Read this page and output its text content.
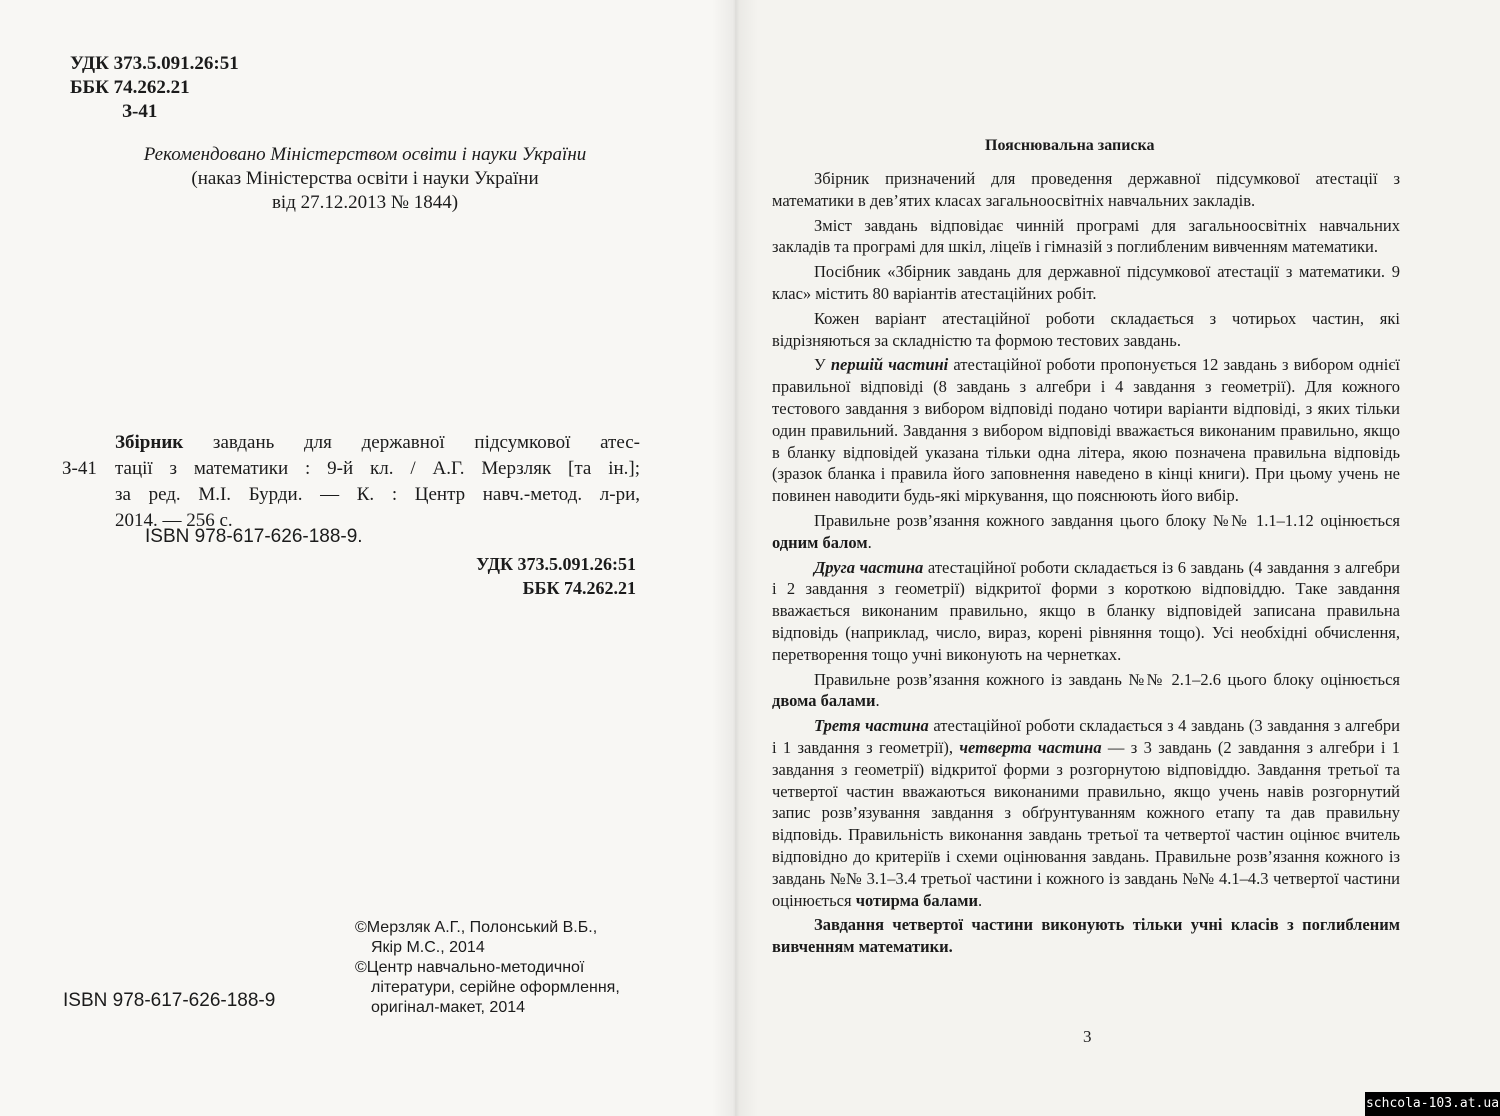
УДК 373.5.091.26:51
ББК 74.262.21
З-41
Рекомендовано Міністерством освіти і науки України
(наказ Міністерства освіти і науки України
від 27.12.2013 № 1844)
З-41
Збірник завдань для державної підсумкової атес-
тації з математики : 9-й кл. / А.Г. Мерзляк [та ін.];
за ред. М.І. Бурди. — К. : Центр навч.-метод. л-ри,
2014. — 256 с.
ISBN 978-617-626-188-9.
УДК 373.5.091.26:51
ББК 74.262.21
©Мерзляк А.Г., Полонський В.Б.,
Якір М.С., 2014
©Центр навчально-методичної
літератури, серійне оформлення,
оригінал-макет, 2014
ISBN 978-617-626-188-9
Пояснювальна записка

Збірник призначений для проведення державної підсумкової атестації з математики в дев’ятих класах загальноосвітніх навчальних закладів.

Зміст завдань відповідає чинній програмі для загальноосвітніх навчальних закладів та програмі для шкіл, ліцеїв і гімназій з поглибленим вивченням математики.

Посібник «Збірник завдань для державної підсумкової атестації з математики. 9 клас» містить 80 варіантів атестаційних робіт.

Кожен варіант атестаційної роботи складається з чотирьох частин, які відрізняються за складністю та формою тестових завдань.

У першій частині атестаційної роботи пропонується 12 завдань з вибором однієї правильної відповіді (8 завдань з алгебри і 4 завдання з геометрії). Для кожного тестового завдання з вибором відповіді подано чотири варіанти відповіді, з яких тільки один правильний. Завдання з вибором відповіді вважається виконаним правильно, якщо в бланку відповідей указана тільки одна літера, якою позначена правильна відповідь (зразок бланка і правила його заповнення наведено в кінці книги). При цьому учень не повинен наводити будь-які міркування, що пояснюють його вибір.

Правильне розв’язання кожного завдання цього блоку №№ 1.1–1.12 оцінюється одним балом.

Друга частина атестаційної роботи складається із 6 завдань (4 завдання з алгебри і 2 завдання з геометрії) відкритої форми з короткою відповіддю. Таке завдання вважається виконаним правильно, якщо в бланку відповідей записана правильна відповідь (наприклад, число, вираз, корені рівняння тощо). Усі необхідні обчислення, перетворення тощо учні виконують на чернетках.

Правильне розв’язання кожного із завдань №№ 2.1–2.6 цього блоку оцінюється двома балами.

Третя частина атестаційної роботи складається з 4 завдань (3 завдання з алгебри і 1 завдання з геометрії), четверта частина — з 3 завдань (2 завдання з алгебри і 1 завдання з геометрії) відкритої форми з розгорнутою відповіддю. Завдання третьої та четвертої частин вважаються виконаними правильно, якщо учень навів розгорнутий запис розв’язування завдання з обґрунтуванням кожного етапу та дав правильну відповідь. Правильність виконання завдань третьої та четвертої частин оцінює вчитель відповідно до критеріїв і схеми оцінювання завдань. Правильне розв’язання кожного із завдань №№ 3.1–3.4 третьої частини і кожного із завдань №№ 4.1–4.3 четвертої частини оцінюється чотирма балами.

Завдання четвертої частини виконують тільки учні класів з поглибленим вивченням математики.

3
schcola-103.at.ua
